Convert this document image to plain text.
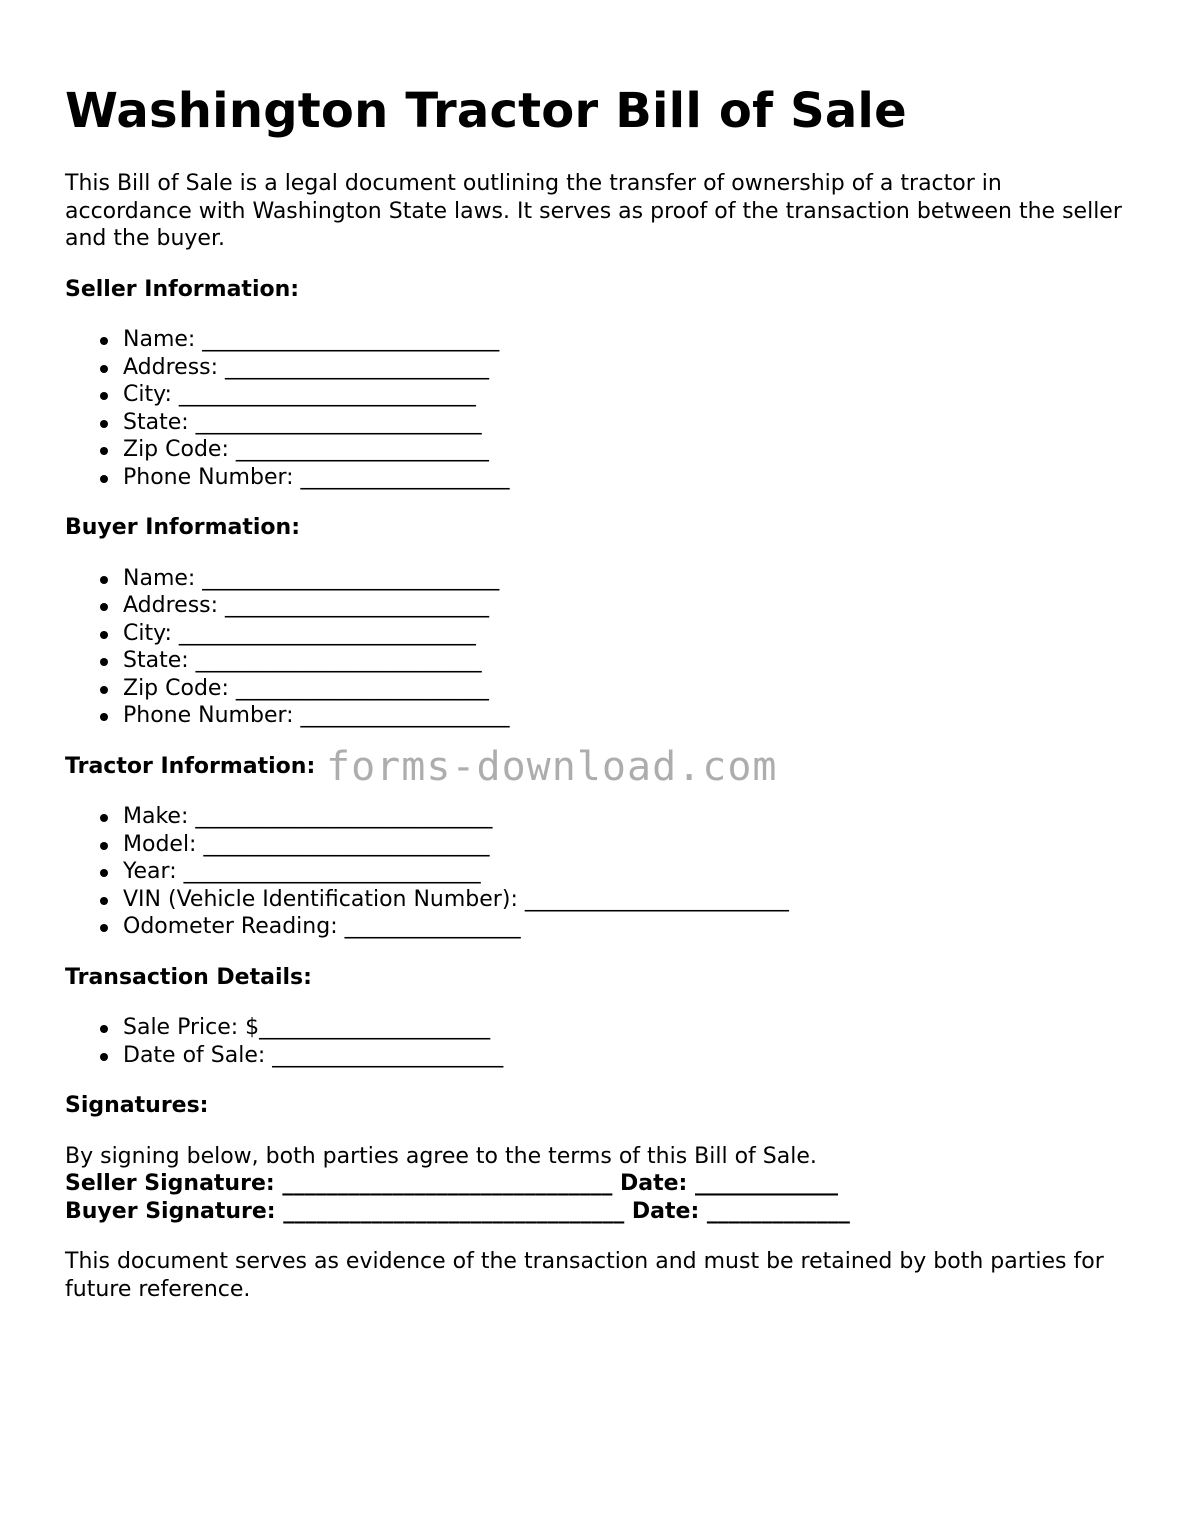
Washington Tractor Bill of Sale

This Bill of Sale is a legal document outlining the transfer of ownership of a tractor in accordance with Washington State laws. It serves as proof of the transaction between the seller and the buyer.

Seller Information:
Name: ___________________________
Address: ________________________
City: ___________________________
State: __________________________
Zip Code: _______________________
Phone Number: ___________________
Buyer Information:
Name: ___________________________
Address: ________________________
City: ___________________________
State: __________________________
Zip Code: _______________________
Phone Number: ___________________
Tractor Information:
Make: ___________________________
Model: __________________________
Year: ___________________________
VIN (Vehicle Identification Number): ________________________
Odometer Reading: ________________
Transaction Details:
Sale Price: $_____________________
Date of Sale: _____________________
Signatures:

By signing below, both parties agree to the terms of this Bill of Sale.

Seller Signature: ______________________________ Date: _____________
Buyer Signature: _______________________________ Date: _____________

This document serves as evidence of the transaction and must be retained by both parties for future reference.

forms-download.com
